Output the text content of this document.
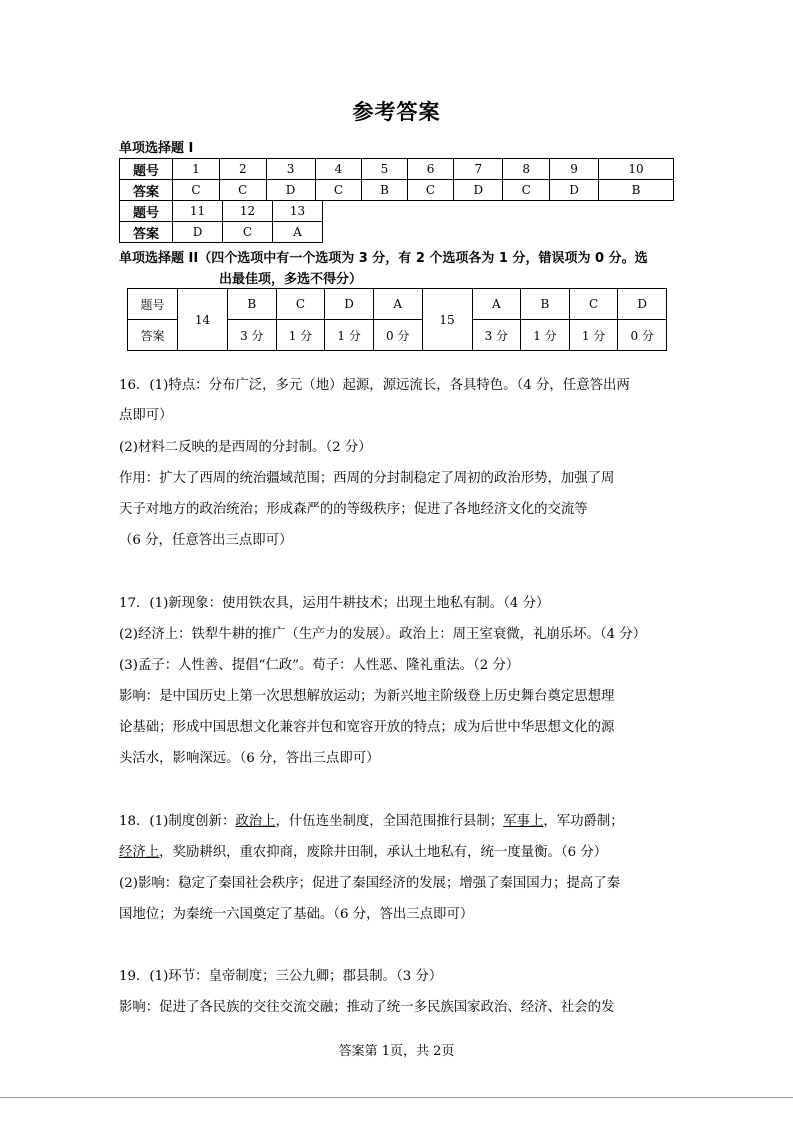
参考答案
单项选择题 I
题号	1	2	3	4	5	6	7	8	9	10
答案	C	C	D	C	B	C	D	C	D	B
题号	11	12	13
答案	D	C	A
单项选择题 II（四个选项中有一个选项为 3 分，有 2 个选项各为 1 分，错误项为 0 分。选
出最佳项，多选不得分）
题号	14	B	C	D	A	15	A	B	C	D
答案		3 分	1 分	1 分	0 分		3 分	1 分	1 分	0 分
16．(1)特点：分布广泛，多元（地）起源，源远流长，各具特色。（4 分，任意答出两
点即可）
(2)材料二反映的是西周的分封制。（2 分）
作用：扩大了西周的统治疆域范围；西周的分封制稳定了周初的政治形势，加强了周
天子对地方的政治统治；形成森严的的等级秩序；促进了各地经济文化的交流等
（6 分，任意答出三点即可）
17．(1)新现象：使用铁农具，运用牛耕技术；出现土地私有制。（4 分）
(2)经济上：铁犁牛耕的推广（生产力的发展）。政治上：周王室衰微，礼崩乐坏。（4 分）
(3)孟子：人性善、提倡“仁政”。荀子：人性恶、隆礼重法。（2 分）
影响：是中国历史上第一次思想解放运动；为新兴地主阶级登上历史舞台奠定思想理
论基础；形成中国思想文化兼容并包和宽容开放的特点；成为后世中华思想文化的源
头活水，影响深远。（6 分，答出三点即可）
18．(1)制度创新：政治上，什伍连坐制度，全国范围推行县制；军事上，军功爵制；
经济上，奖励耕织，重农抑商，废除井田制，承认土地私有，统一度量衡。（6 分）
(2)影响：稳定了秦国社会秩序；促进了秦国经济的发展；增强了秦国国力；提高了秦
国地位；为秦统一六国奠定了基础。（6 分，答出三点即可）
19．(1)环节：皇帝制度；三公九卿；郡县制。（3 分）
影响：促进了各民族的交往交流交融；推动了统一多民族国家政治、经济、社会的发
答案第 1页，共 2页
